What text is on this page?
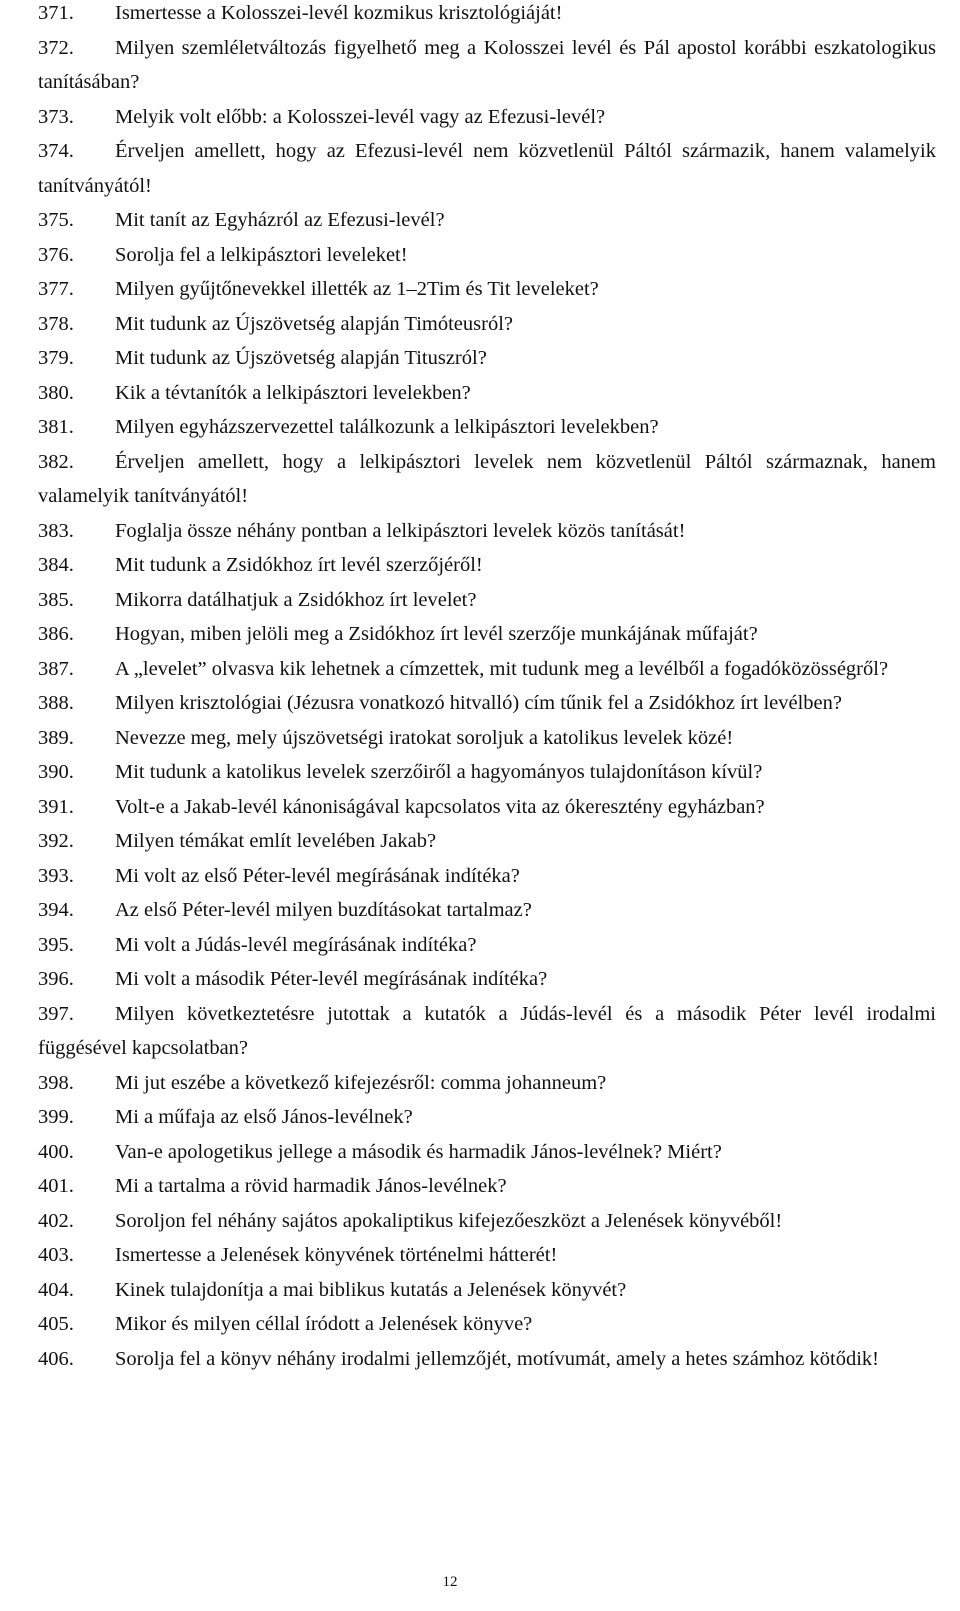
371.	Ismertesse a Kolosszei-levél kozmikus krisztológiáját!
372.	Milyen szemléletváltozás figyelhető meg a Kolosszei levél és Pál apostol korábbi eszkatologikus tanításában?
373.	Melyik volt előbb: a Kolosszei-levél vagy az Efezusi-levél?
374.	Érveljen amellett, hogy az Efezusi-levél nem közvetlenül Páltól származik, hanem valamelyik tanítványától!
375.	Mit tanít az Egyházról az Efezusi-levél?
376.	Sorolja fel a lelkipásztori leveleket!
377.	Milyen gyűjtőnevekkel illették az 1–2Tim és Tit leveleket?
378.	Mit tudunk az Újszövetség alapján Timóteusról?
379.	Mit tudunk az Újszövetség alapján Tituszról?
380.	Kik a tévtanítók a lelkipásztori levelekben?
381.	Milyen egyházszervezettel találkozunk a lelkipásztori levelekben?
382.	Érveljen amellett, hogy a lelkipásztori levelek nem közvetlenül Páltól származnak, hanem valamelyik tanítványától!
383.	Foglalja össze néhány pontban a lelkipásztori levelek közös tanítását!
384.	Mit tudunk a Zsidókhoz írt levél szerzőjéről!
385.	Mikorra datálhatjuk a Zsidókhoz írt levelet?
386.	Hogyan, miben jelöli meg a Zsidókhoz írt levél szerzője munkájának műfaját?
387.	A „levelet” olvasva kik lehetnek a címzettek, mit tudunk meg a levélből a fogadóközösségről?
388.	Milyen krisztológiai (Jézusra vonatkozó hitvalló) cím tűnik fel a Zsidókhoz írt levélben?
389.	Nevezze meg, mely újszövetségi iratokat soroljuk a katolikus levelek közé!
390.	Mit tudunk a katolikus levelek szerzőiről a hagyományos tulajdonításon kívül?
391.	Volt-e a Jakab-levél kánoniságával kapcsolatos vita az ókeresztény egyházban?
392.	Milyen témákat említ levelében Jakab?
393.	Mi volt az első Péter-levél megírásának indítéka?
394.	Az első Péter-levél milyen buzdításokat tartalmaz?
395.	Mi volt a Júdás-levél megírásának indítéka?
396.	Mi volt a második Péter-levél megírásának indítéka?
397.	Milyen következtetésre jutottak a kutatók a Júdás-levél és a második Péter levél irodalmi függésével kapcsolatban?
398.	Mi jut eszébe a következő kifejezésről: comma johanneum?
399.	Mi a műfaja az első János-levélnek?
400.	Van-e apologetikus jellege a második és harmadik János-levélnek? Miért?
401.	Mi a tartalma a rövid harmadik János-levélnek?
402.	Soroljon fel néhány sajátos apokaliptikus kifejezőeszközt a Jelenések könyvéből!
403.	Ismertesse a Jelenések könyvének történelmi hátterét!
404.	Kinek tulajdonítja a mai biblikus kutatás a Jelenések könyvét?
405.	Mikor és milyen céllal íródott a Jelenések könyve?
406.	Sorolja fel a könyv néhány irodalmi jellemzőjét, motívumát, amely a hetes számhoz kötődik!
12
